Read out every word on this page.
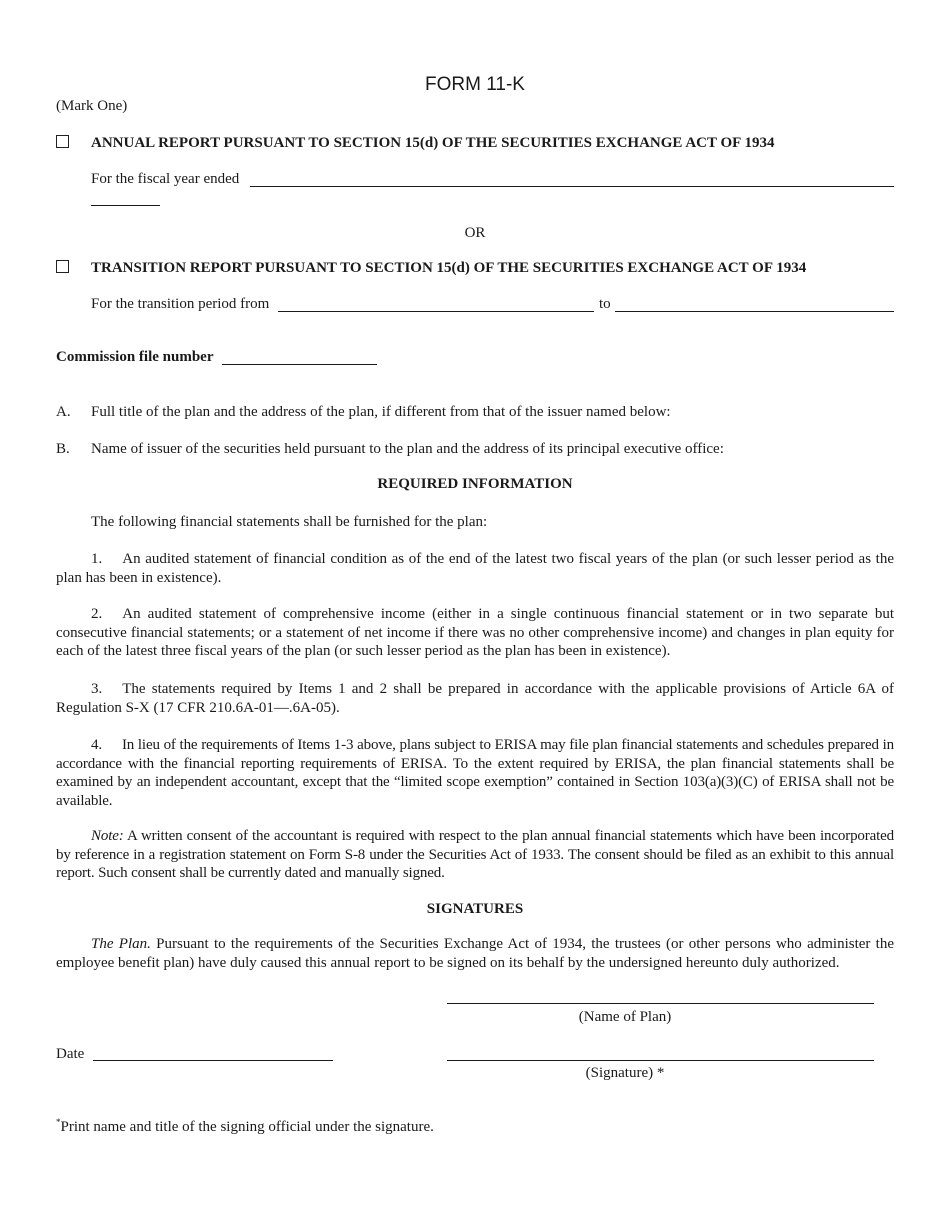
FORM 11-K
(Mark One)
ANNUAL REPORT PURSUANT TO SECTION 15(d) OF THE SECURITIES EXCHANGE ACT OF 1934
For the fiscal year ended
OR
TRANSITION REPORT PURSUANT TO SECTION 15(d) OF THE SECURITIES EXCHANGE ACT OF 1934
For the transition period from	to
Commission file number
A. Full title of the plan and the address of the plan, if different from that of the issuer named below:
B. Name of issuer of the securities held pursuant to the plan and the address of its principal executive office:
REQUIRED INFORMATION
The following financial statements shall be furnished for the plan:
1. An audited statement of financial condition as of the end of the latest two fiscal years of the plan (or such lesser period as the plan has been in existence).
2. An audited statement of comprehensive income (either in a single continuous financial statement or in two separate but consecutive financial statements; or a statement of net income if there was no other comprehensive income) and changes in plan equity for each of the latest three fiscal years of the plan (or such lesser period as the plan has been in existence).
3. The statements required by Items 1 and 2 shall be prepared in accordance with the applicable provisions of Article 6A of Regulation S-X (17 CFR 210.6A-01—.6A-05).
4. In lieu of the requirements of Items 1-3 above, plans subject to ERISA may file plan financial statements and schedules prepared in accordance with the financial reporting requirements of ERISA. To the extent required by ERISA, the plan financial statements shall be examined by an independent accountant, except that the “limited scope exemption” contained in Section 103(a)(3)(C) of ERISA shall not be available.
Note: A written consent of the accountant is required with respect to the plan annual financial statements which have been incorporated by reference in a registration statement on Form S-8 under the Securities Act of 1933. The consent should be filed as an exhibit to this annual report. Such consent shall be currently dated and manually signed.
SIGNATURES
The Plan. Pursuant to the requirements of the Securities Exchange Act of 1934, the trustees (or other persons who administer the employee benefit plan) have duly caused this annual report to be signed on its behalf by the undersigned hereunto duly authorized.
(Name of Plan)
Date
(Signature) *
*Print name and title of the signing official under the signature.
